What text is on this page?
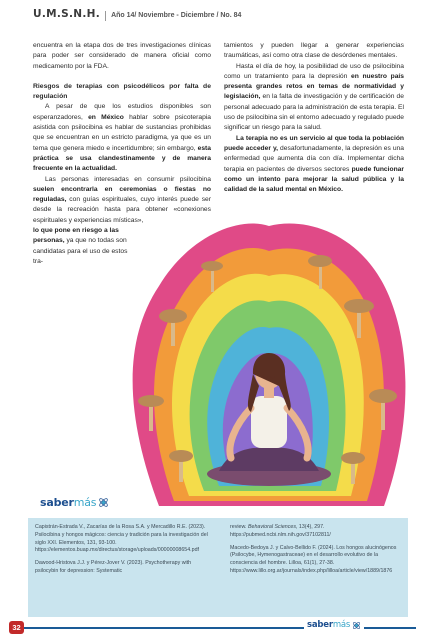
U.M.S.N.H. Año 14/ Noviembre - Diciembre / No. 84

encuentra en la etapa dos de tres investigaciones clínicas para poder ser considerado de manera oficial como medicamento por la FDA.

Riesgos de terapias con psicodélicos por falta de regulación

A pesar de que los estudios disponibles son esperanzadores, en México hablar sobre psicoterapia asistida con psilocibina es hablar de sustancias prohibidas que se encuentran en un estricto paradigma, ya que es un tema que genera miedo e incertidumbre; sin embargo, esta práctica se usa clandestinamente y de manera frecuente en la actualidad.

Las personas interesadas en consumir psilocibina suelen encontrarla en ceremonias o fiestas no reguladas, con guías espirituales, cuyo interés puede ser desde la recreación hasta para obtener «conexiones espirituales y experiencias místicas»,

lo que pone en riesgo a las personas, ya que no todas son candidatas para el uso de estos tra-

tamientos y pueden llegar a generar experiencias traumáticas, así como otra clase de desórdenes mentales.

Hasta el día de hoy, la posibilidad de uso de psilocibina como un tratamiento para la depresión en nuestro país presenta grandes retos en temas de normatividad y legislación, en la falta de investigación y de certificación de personal adecuado para la administración de esta terapia. El uso de psilocibina sin el entorno adecuado y regulado puede significar un riesgo para la salud.

La terapia no es un servicio al que toda la población puede acceder y, desafortunadamente, la depresión es una enfermedad que aumenta día con día. Implementar dicha terapia en pacientes de diversos sectores puede funcionar como un intento para mejorar la salud pública y la calidad de la salud mental en México.

sabermás

Capistrán-Estrada V., Zacarías de la Rosa S.A. y Mercadillo R.E. (2023). Psilocibina y hongos mágicos: ciencia y tradición para la investigación del siglo XXI. Elementos, 131, 93-100. https://elementos.buap.mx/directus/storage/uploads/00000008654.pdf

Dawood-Hristova J.J. y Pérez-Jover V. (2023). Psychotherapy with psilocybin for depression: Systematic

review. Behavioral Sciences, 13(4), 297. https://pubmed.ncbi.nlm.nih.gov/37102811/

Macedo-Bedoya J. y Calvo-Bellido F. (2024). Los hongos alucinógenos (Psilocybe, Hymenogastraceae) en el desarrollo evolutivo de la consciencia del hombre. Lilloa, 61(1), 27-38. https://www.lillo.org.ar/journals/index.php/lilloa/article/view/1889/1876

32	sabermás
